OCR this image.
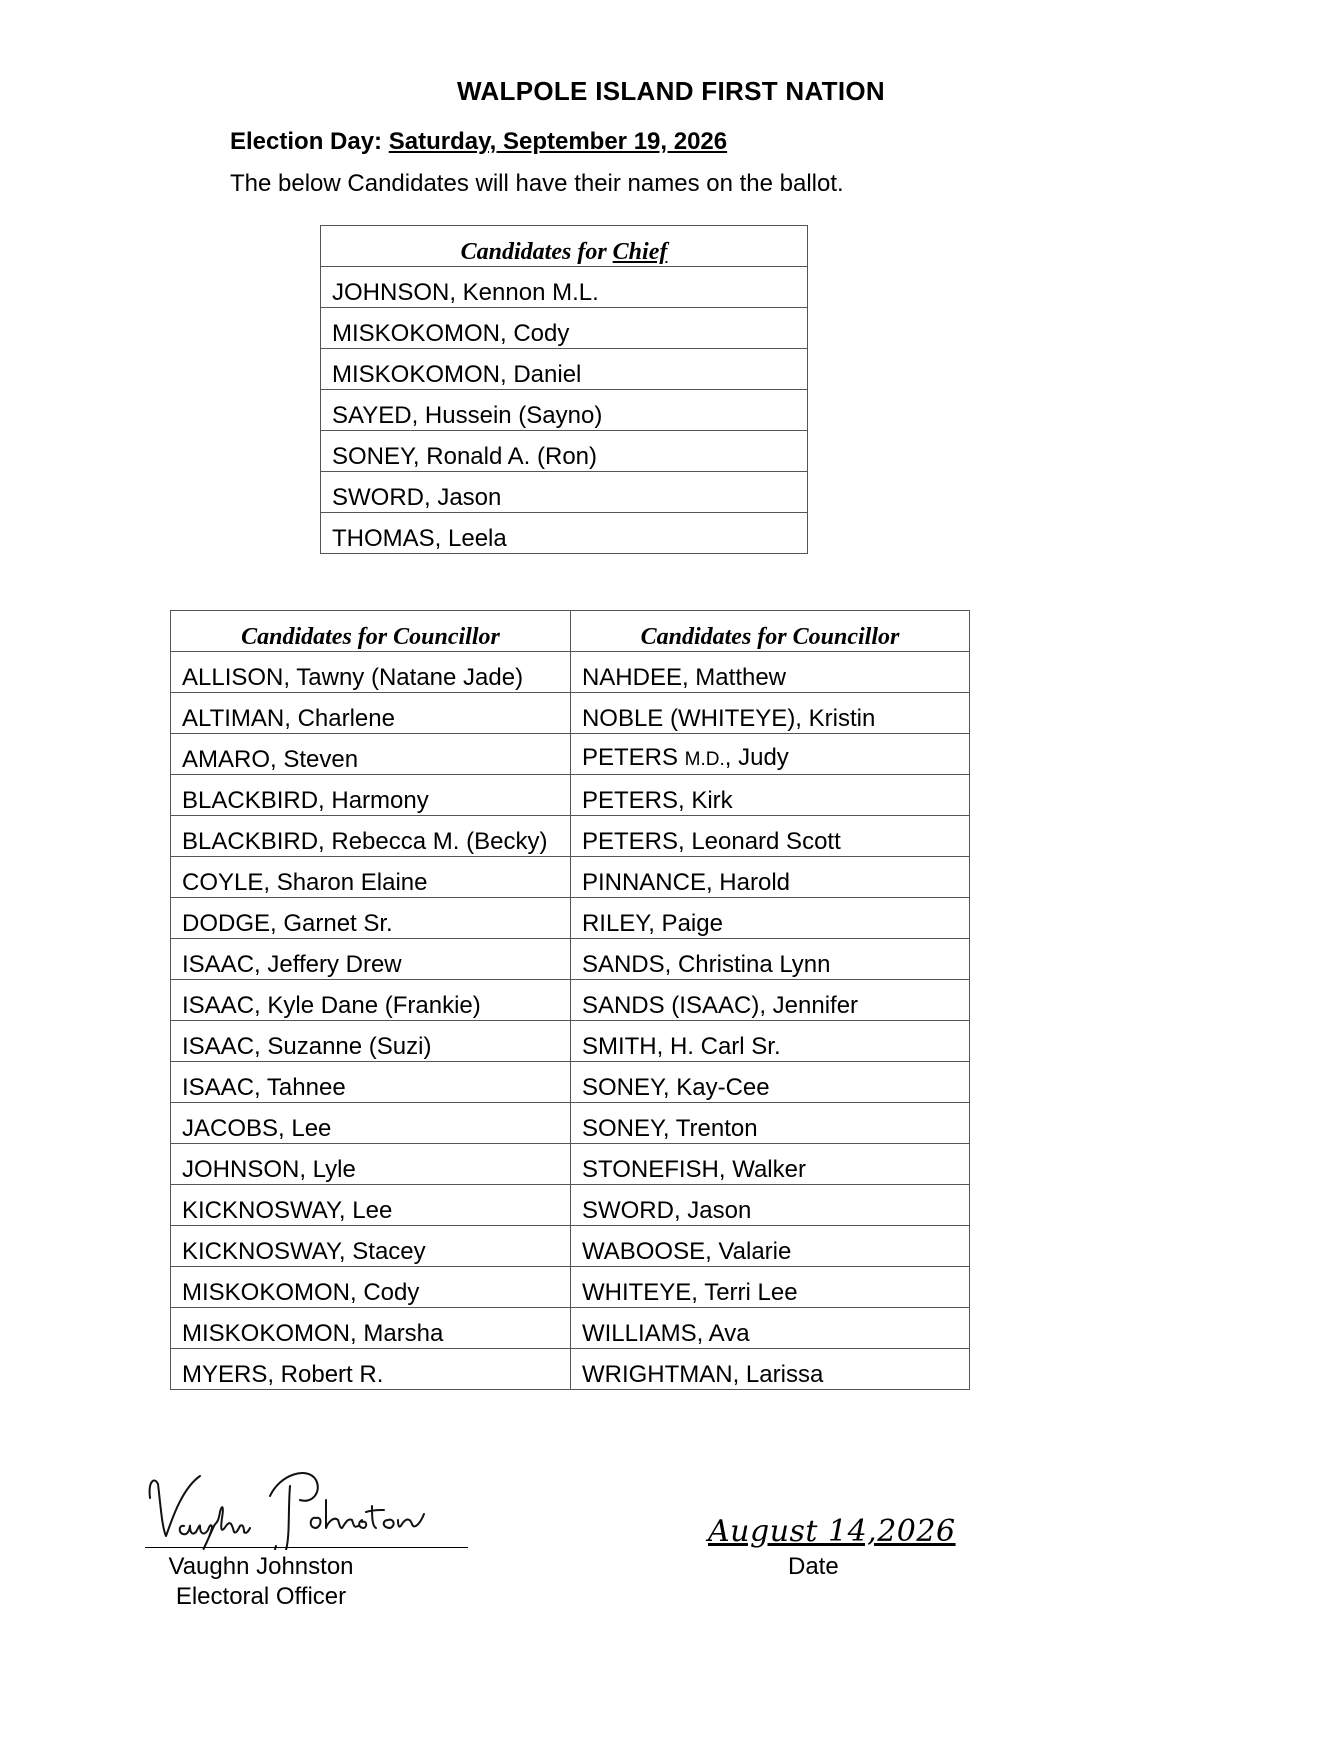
WALPOLE ISLAND FIRST NATION
Election Day: Saturday, September 19, 2026
The below Candidates will have their names on the ballot.
Candidates for Chief
JOHNSON, Kennon M.L.
MISKOKOMON, Cody
MISKOKOMON, Daniel
SAYED, Hussein (Sayno)
SONEY, Ronald A. (Ron)
SWORD, Jason
THOMAS, Leela
Candidates for Councillor	Candidates for Councillor
ALLISON, Tawny (Natane Jade)	NAHDEE, Matthew
ALTIMAN, Charlene	NOBLE (WHITEYE), Kristin
AMARO, Steven	PETERS M.D., Judy
BLACKBIRD, Harmony	PETERS, Kirk
BLACKBIRD, Rebecca M. (Becky)	PETERS, Leonard Scott
COYLE, Sharon Elaine	PINNANCE, Harold
DODGE, Garnet Sr.	RILEY, Paige
ISAAC, Jeffery Drew	SANDS, Christina Lynn
ISAAC, Kyle Dane (Frankie)	SANDS (ISAAC), Jennifer
ISAAC, Suzanne (Suzi)	SMITH, H. Carl Sr.
ISAAC, Tahnee	SONEY, Kay-Cee
JACOBS, Lee	SONEY, Trenton
JOHNSON, Lyle	STONEFISH, Walker
KICKNOSWAY, Lee	SWORD, Jason
KICKNOSWAY, Stacey	WABOOSE, Valarie
MISKOKOMON, Cody	WHITEYE, Terri Lee
MISKOKOMON, Marsha	WILLIAMS, Ava
MYERS, Robert R.	WRIGHTMAN, Larissa
Vaughn Johnston
Electoral Officer
August 14,2026
Date
